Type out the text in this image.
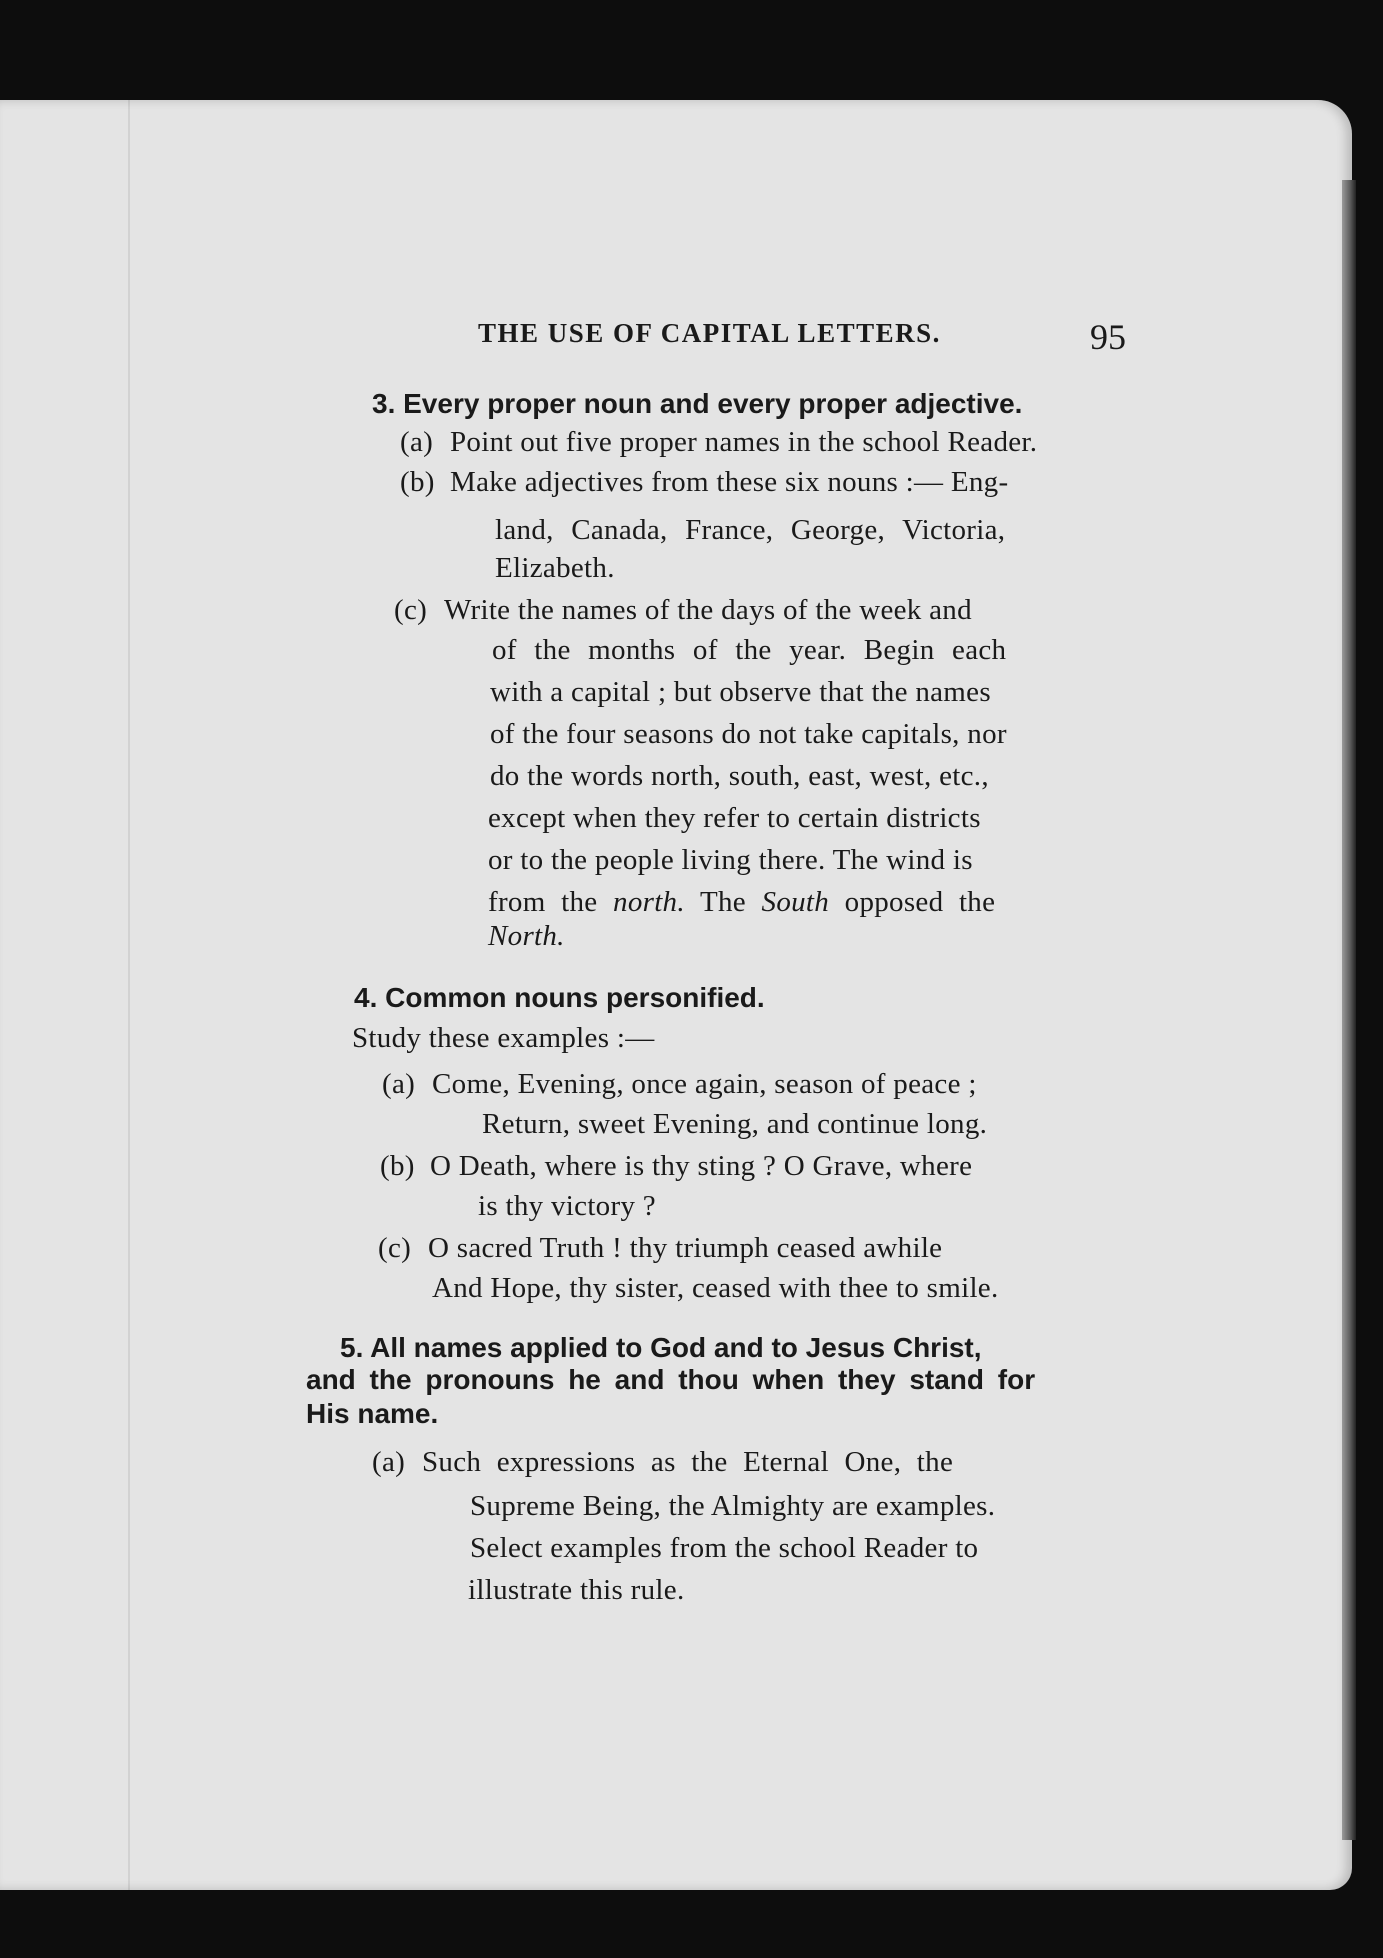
THE USE OF CAPITAL LETTERS.	95
3. Every proper noun and every proper adjective.
(a) Point out five proper names in the school Reader.
(b) Make adjectives from these six nouns :— Eng-
land, Canada, France, George, Victoria,
Elizabeth.
(c) Write the names of the days of the week and
of the months of the year. Begin each
with a capital ; but observe that the names
of the four seasons do not take capitals, nor
do the words north, south, east, west, etc.,
except when they refer to certain districts
or to the people living there. The wind is
from the north. The South opposed the
North.
4. Common nouns personified.
Study these examples :—
(a) Come, Evening, once again, season of peace ;
Return, sweet Evening, and continue long.
(b) O Death, where is thy sting ? O Grave, where
is thy victory ?
(c) O sacred Truth ! thy triumph ceased awhile
And Hope, thy sister, ceased with thee to smile.
5. All names applied to God and to Jesus Christ,
and the pronouns he and thou when they stand for
His name.
(a) Such expressions as the Eternal One, the
Supreme Being, the Almighty are examples.
Select examples from the school Reader to
illustrate this rule.
